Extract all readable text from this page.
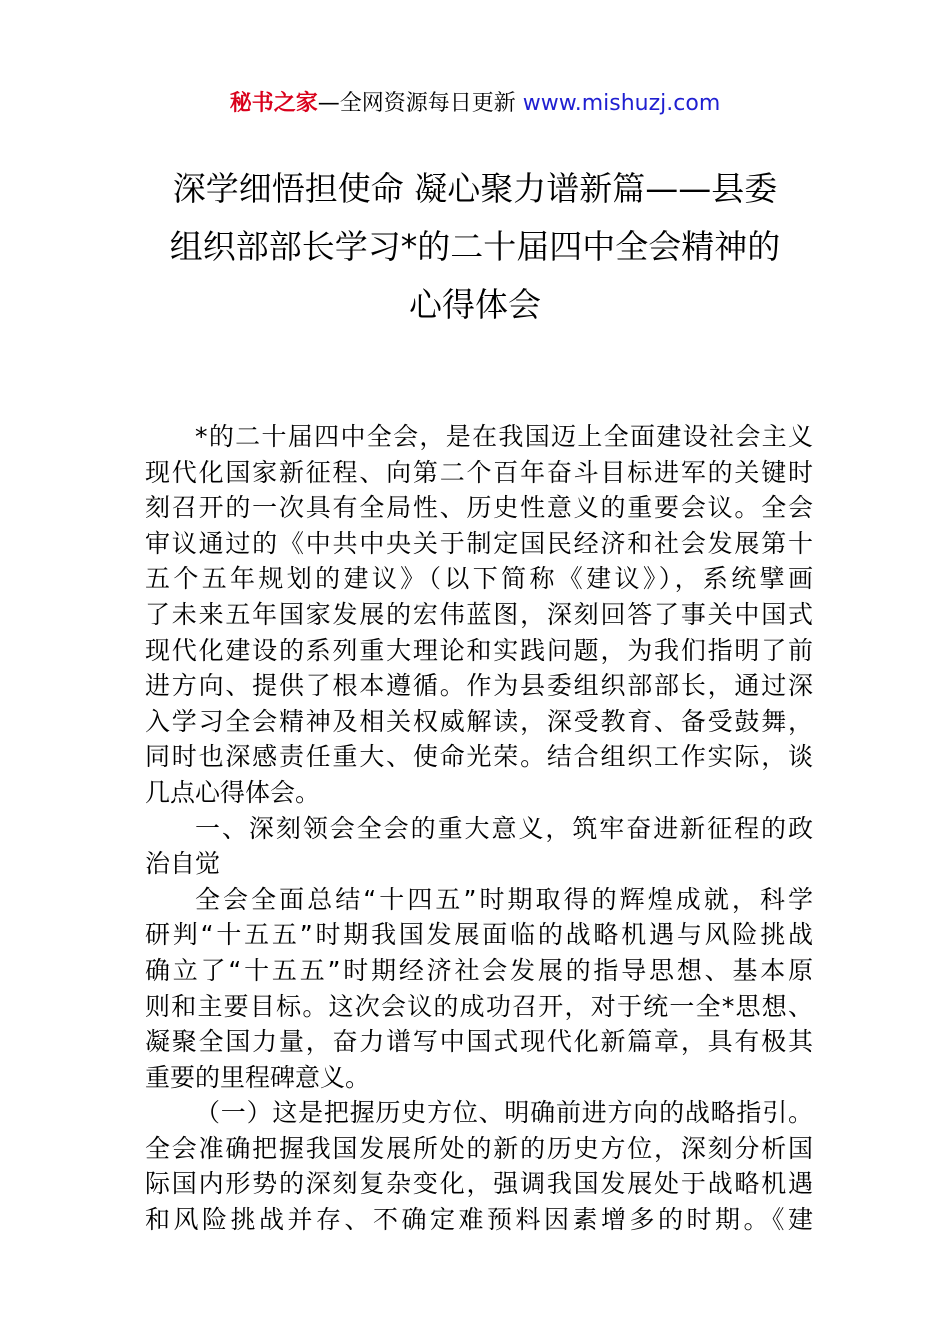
秘书之家—全网资源每日更新 www.mishuzj.com
深学细悟担使命 凝心聚力谱新篇——县委
组织部部长学习*的二十届四中全会精神的
心得体会
*的二十届四中全会，是在我国迈上全面建设社会主义
现代化国家新征程、向第二个百年奋斗目标进军的关键时
刻召开的一次具有全局性、历史性意义的重要会议。全会
审议通过的《中共中央关于制定国民经济和社会发展第十
五个五年规划的建议》（以下简称《建议》），系统擘画
了未来五年国家发展的宏伟蓝图，深刻回答了事关中国式
现代化建设的系列重大理论和实践问题，为我们指明了前
进方向、提供了根本遵循。作为县委组织部部长，通过深
入学习全会精神及相关权威解读，深受教育、备受鼓舞，
同时也深感责任重大、使命光荣。结合组织工作实际，谈
几点心得体会。
一、深刻领会全会的重大意义，筑牢奋进新征程的政
治自觉
全会全面总结“十四五”时期取得的辉煌成就，科学
研判“十五五”时期我国发展面临的战略机遇与风险挑战
确立了“十五五”时期经济社会发展的指导思想、基本原
则和主要目标。这次会议的成功召开，对于统一全*思想、
凝聚全国力量，奋力谱写中国式现代化新篇章，具有极其
重要的里程碑意义。
（一）这是把握历史方位、明确前进方向的战略指引。
全会准确把握我国发展所处的新的历史方位，深刻分析国
际国内形势的深刻复杂变化，强调我国发展处于战略机遇
和风险挑战并存、不确定难预料因素增多的时期。《建
